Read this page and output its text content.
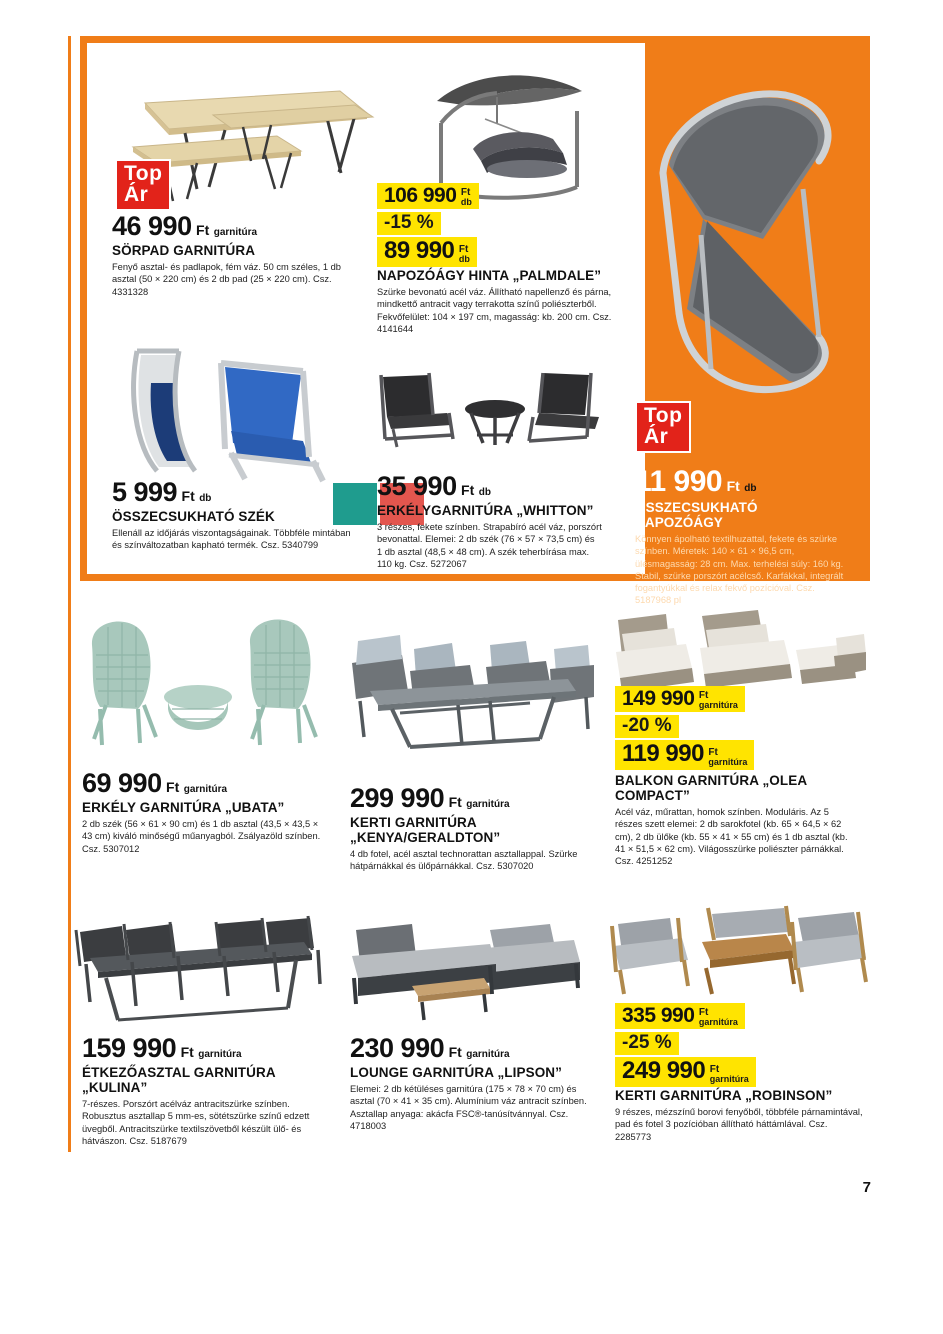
Top
Ár
46 990 Ft garnitúra
SÖRPAD GARNITÚRA
Fenyő asztal- és padlapok, fém váz. 50 cm széles, 1 db asztal (50 × 220 cm) és 2 db pad (25 × 220 cm). Csz. 4331328
106 990 Ft
db
-15 %
89 990 Ft
db
NAPOZÓÁGY HINTA „PALMDALE”
Szürke bevonatú acél váz. Állítható napellenző és párna, mindkettő antracit vagy terrakotta színű poliészterből. Fekvőfelület: 104 × 197 cm, magasság: kb. 200 cm. Csz. 4141644
Top
Ár
11 990 Ft db
ÖSSZECSUKHATÓ NAPOZÓÁGY
Könnyen ápolható textilhuzattal, fekete és szürke színben. Méretek: 140 × 61 × 96,5 cm, ülésmagasság: 28 cm. Max. terhelési súly: 160 kg. Stabil, szürke porszórt acélcső. Karfákkal, integrált fogantyúkkal és relax fekvő pozícióval. Csz. 5187968 pl
5 999 Ft db
ÖSSZECSUKHATÓ SZÉK
Ellenáll az időjárás viszontagságainak. Többféle mintában és színváltozatban kapható termék. Csz. 5340799
35 990 Ft db
ERKÉLYGARNITÚRA „WHITTON”
3 részes, fekete színben. Strapabíró acél váz, porszórt bevonattal. Elemei: 2 db szék (76 × 57 × 73,5 cm) és 1 db asztal (48,5 × 48 cm). A szék teherbírása max. 110 kg. Csz. 5272067
69 990 Ft garnitúra
ERKÉLY GARNITÚRA „UBATA”
2 db szék (56 × 61 × 90 cm) és 1 db asztal (43,5 × 43,5 × 43 cm) kiváló minőségű műanyagból. Zsályazöld színben. Csz. 5307012
299 990 Ft garnitúra
KERTI GARNITÚRA „KENYA/GERALDTON”
4 db fotel, acél asztal technorattan asztallappal. Szürke hátpárnákkal és ülőpárnákkal. Csz. 5307020
149 990 Ft
garnitúra
-20 %
119 990 Ft
garnitúra
BALKON GARNITÚRA „OLEA COMPACT”
Acél váz, műrattan, homok színben. Moduláris. Az 5 részes szett elemei: 2 db sarokfotel (kb. 65 × 64,5 × 62 cm), 2 db ülőke (kb. 55 × 41 × 55 cm) és 1 db asztal (kb. 41 × 51,5 × 62 cm). Világosszürke poliészter párnákkal. Csz. 4251252
159 990 Ft garnitúra
ÉTKEZŐASZTAL GARNITÚRA „KULINA”
7-részes. Porszórt acélváz antracitszürke színben. Robusztus asztallap 5 mm-es, sötétszürke színű edzett üvegből. Antracitszürke textilszövetből készült ülő- és hátvászon. Csz. 5187679
230 990 Ft garnitúra
LOUNGE GARNITÚRA „LIPSON”
Elemei: 2 db kétüléses garnitúra (175 × 78 × 70 cm) és asztal (70 × 41 × 35 cm). Alumínium váz antracit színben. Asztallap anyaga: akácfa FSC®-tanúsítvánnyal. Csz. 4718003
335 990 Ft
garnitúra
-25 %
249 990 Ft
garnitúra
KERTI GARNITÚRA „ROBINSON”
9 részes, mézszínű borovi fenyőből, többféle párnamintával, pad és fotel 3 pozícióban állítható háttámlával. Csz. 2285773
7
